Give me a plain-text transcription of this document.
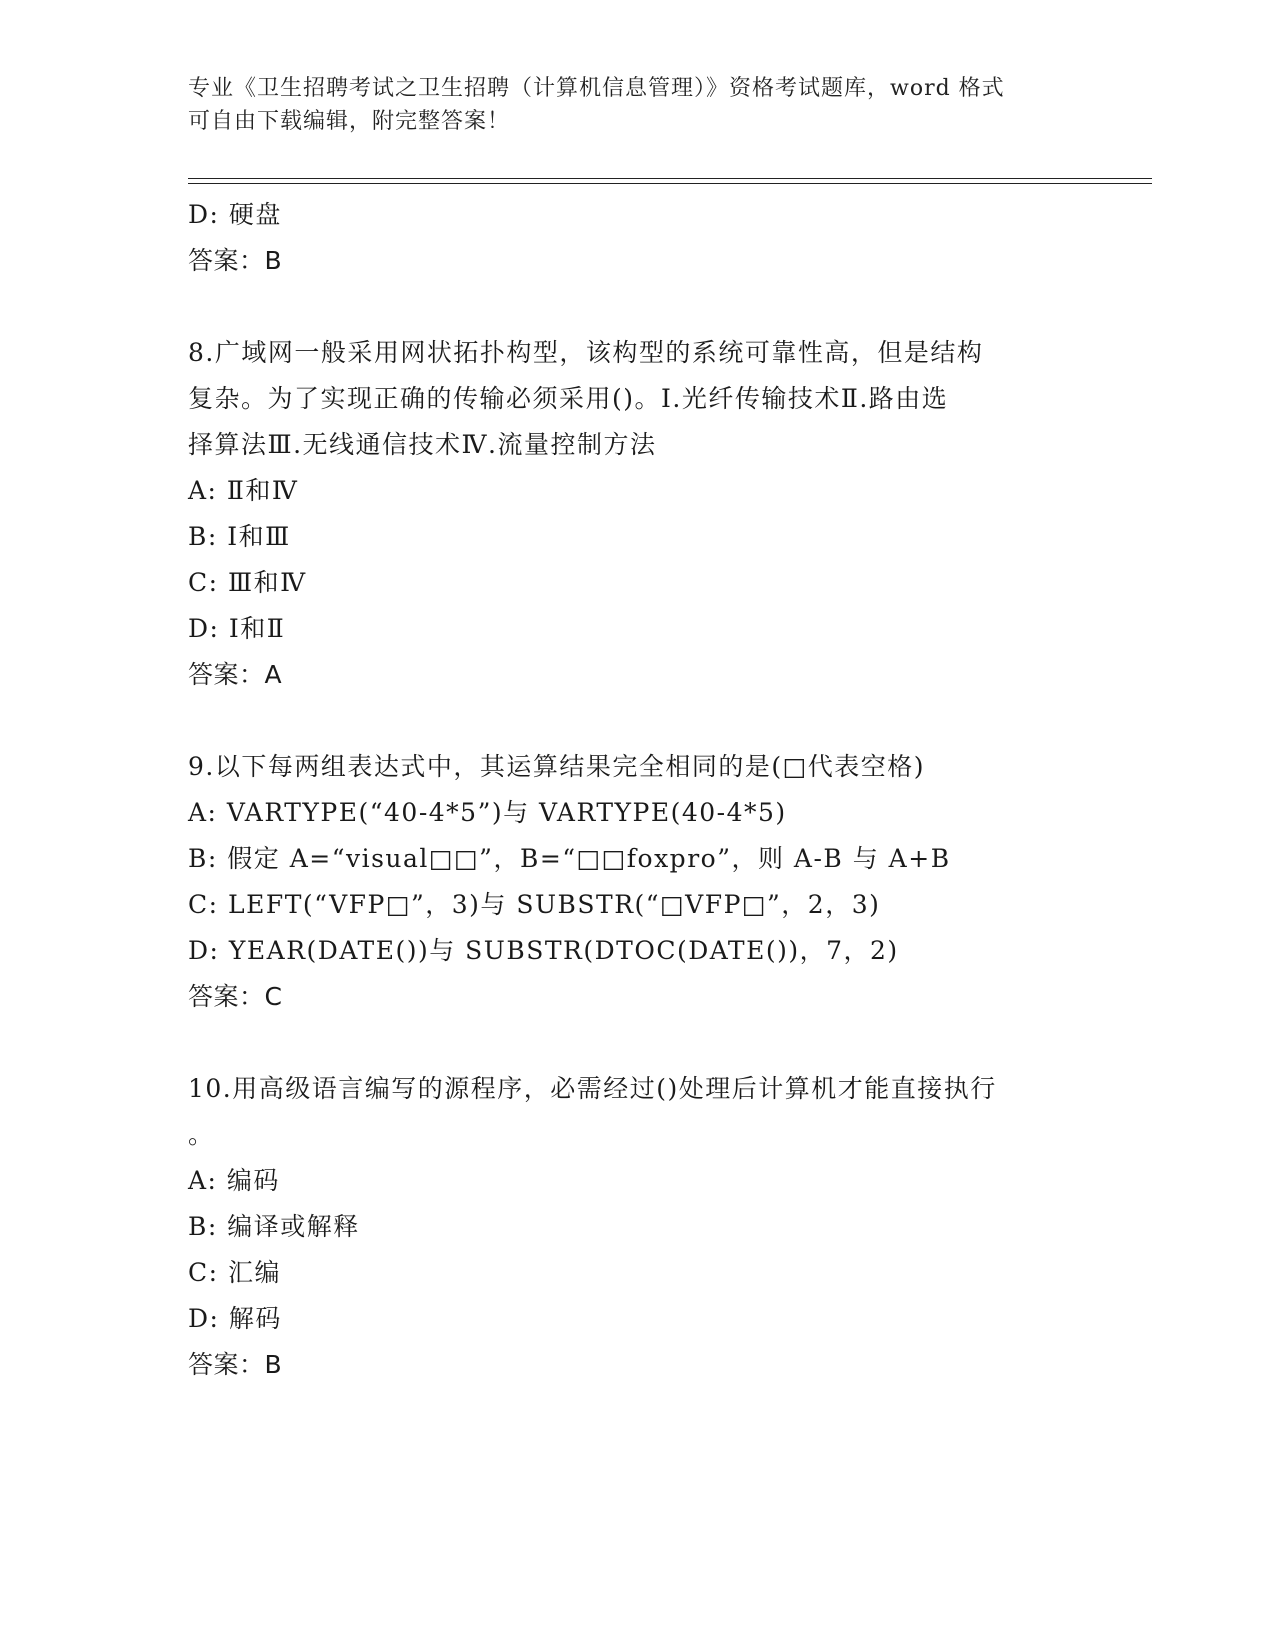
专业《卫生招聘考试之卫生招聘（计算机信息管理）》资格考试题库，word 格式
可自由下载编辑，附完整答案！
D: 硬盘
答案：B
8.广域网一般采用网状拓扑构型，该构型的系统可靠性高，但是结构
复杂。为了实现正确的传输必须采用()。Ⅰ.光纤传输技术Ⅱ.路由选
择算法Ⅲ.无线通信技术Ⅳ.流量控制方法
A: Ⅱ和Ⅳ
B: Ⅰ和Ⅲ
C: Ⅲ和Ⅳ
D: Ⅰ和Ⅱ
答案：A
9.以下每两组表达式中，其运算结果完全相同的是(□代表空格)
A: VARTYPE(“40-4*5”)与 VARTYPE(40-4*5)
B: 假定 A=“visual□□”，B=“□□foxpro”，则 A-B 与 A+B
C: LEFT(“VFP□”，3)与 SUBSTR(“□VFP□”，2，3)
D: YEAR(DATE())与 SUBSTR(DTOC(DATE())，7，2)
答案：C
10.用高级语言编写的源程序，必需经过()处理后计算机才能直接执行
。
A: 编码
B: 编译或解释
C: 汇编
D: 解码
答案：B
